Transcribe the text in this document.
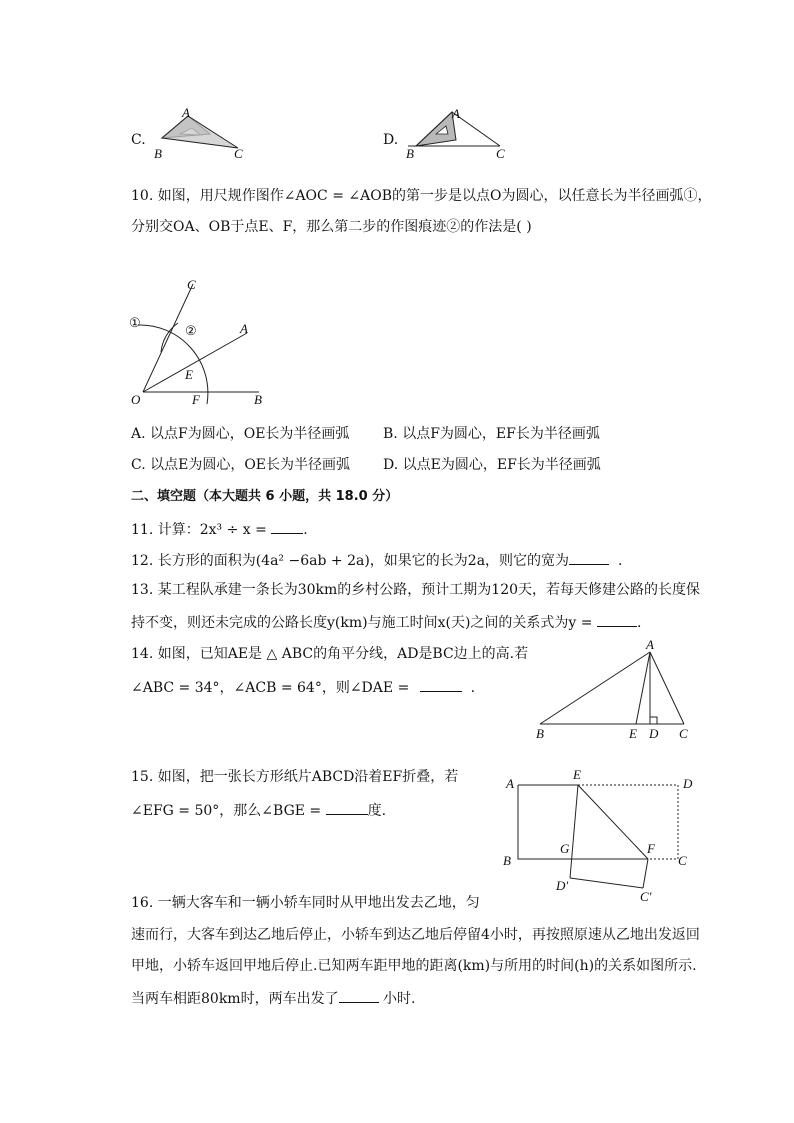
C.
A
B	C
D.
A
B	C
10. 如图，用尺规作图作∠AOC = ∠AOB的第一步是以点O为圆心，以任意长为半径画弧①，
分别交OA、OB于点E、F，那么第二步的作图痕迹②的作法是( )
C
A
E
O	F	B
①
②
A. 以点F为圆心，OE长为半径画弧 B. 以点F为圆心，EF长为半径画弧
C. 以点E为圆心，OE长为半径画弧 D. 以点E为圆心，EF长为半径画弧
二、填空题（本大题共 6 小题，共 18.0 分）
11. 计算：2x³ ÷ x = .
12. 长方形的面积为(4a² −6ab + 2a)，如果它的长为2a，则它的宽为	.
13. 某工程队承建一条长为30km的乡村公路，预计工期为120天，若每天修建公路的长度保
持不变，则还未完成的公路长度y(km)与施工时间x(天)之间的关系式为y =	.
14. 如图，已知AE是 △ ABC的角平分线，AD是BC边上的高.若
∠ABC = 34°，∠ACB = 64°，则∠DAE =	.
A
B	E D C
15. 如图，把一张长方形纸片ABCD沿着EF折叠，若
∠EFG = 50°，那么∠BGE =	度.
A
E
D
G	F
B	C
D′
C′
16. 一辆大客车和一辆小轿车同时从甲地出发去乙地，匀
速而行，大客车到达乙地后停止，小轿车到达乙地后停留4小时，再按照原速从乙地出发返回
甲地，小轿车返回甲地后停止.已知两车距甲地的距离(km)与所用的时间(h)的关系如图所示.
当两车相距80km时，两车出发了	小时.
